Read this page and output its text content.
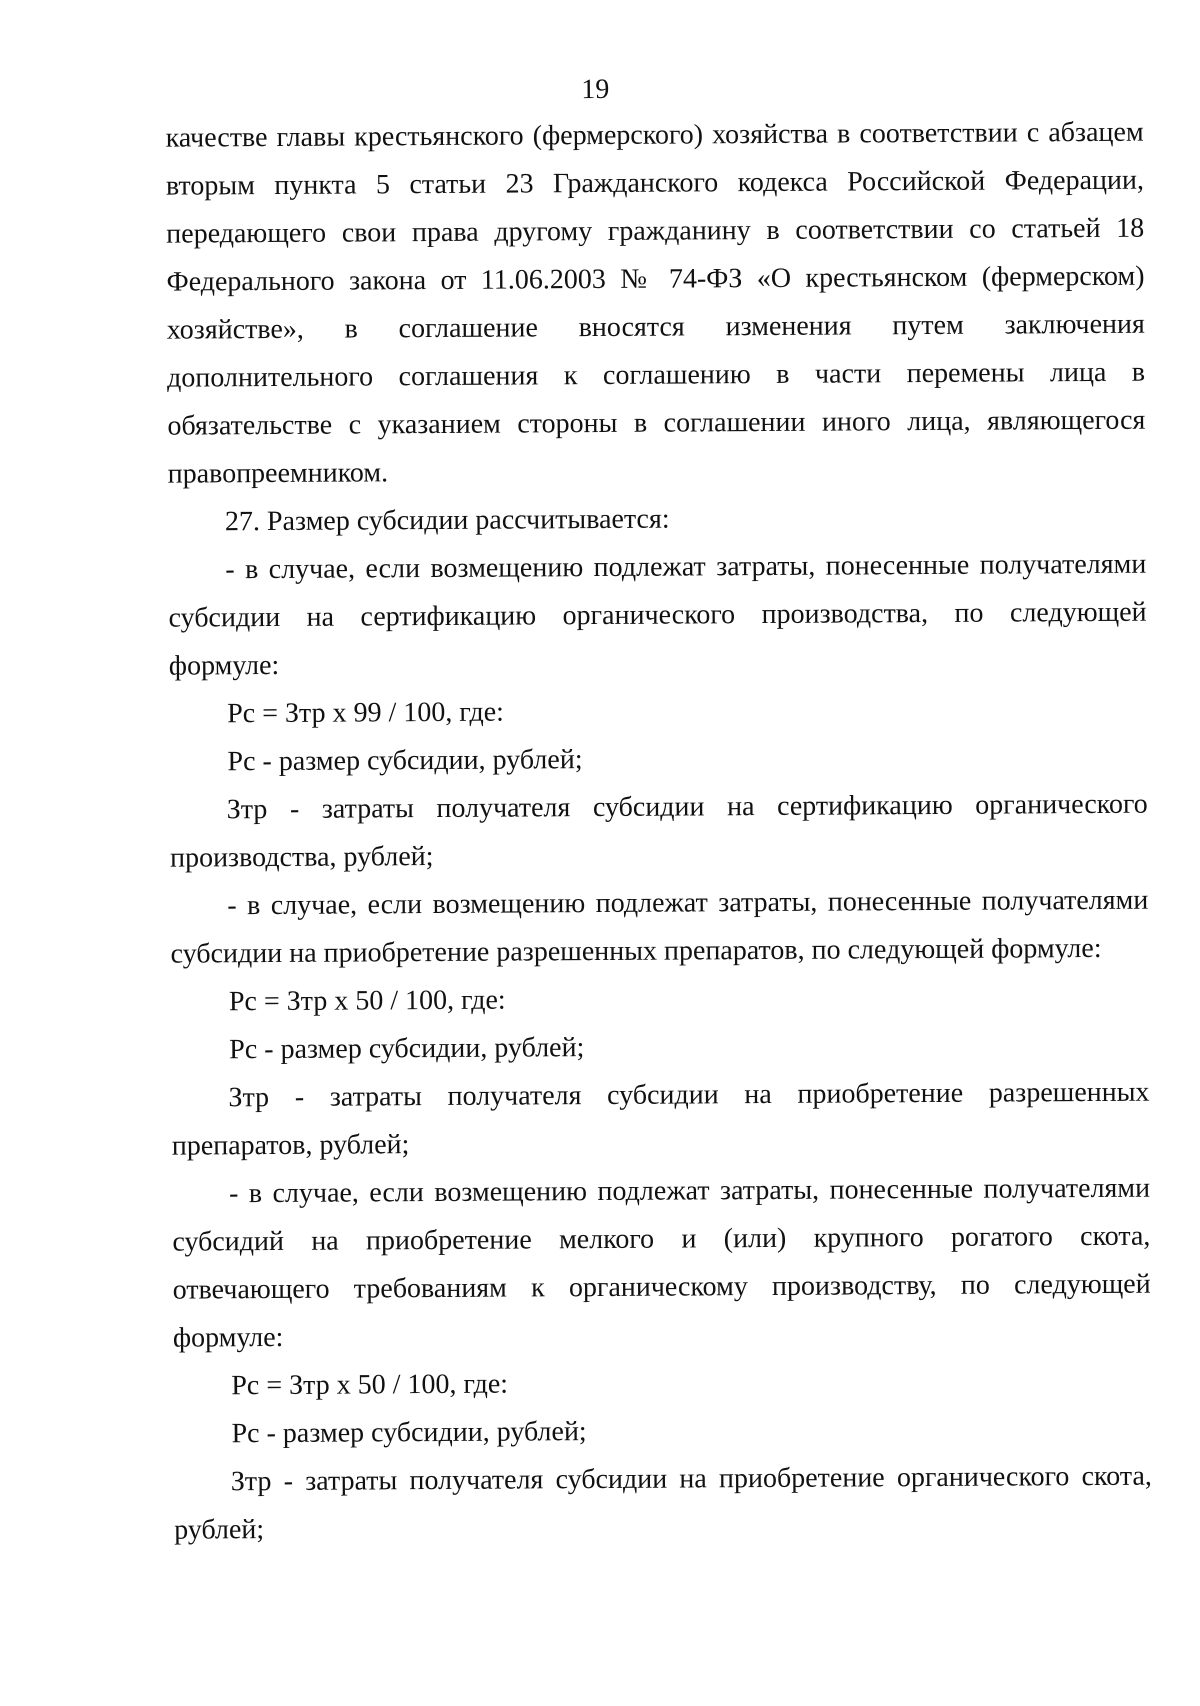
19

качестве главы крестьянского (фермерского) хозяйства в соответствии с абзацем вторым пункта 5 статьи 23 Гражданского кодекса Российской Федерации, передающего свои права другому гражданину в соответствии со статьей 18 Федерального закона от 11.06.2003 № 74-ФЗ «О крестьянском (фермерском) хозяйстве», в соглашение вносятся изменения путем заключения дополнительного соглашения к соглашению в части перемены лица в обязательстве с указанием стороны в соглашении иного лица, являющегося правопреемником.

27. Размер субсидии рассчитывается:

- в случае, если возмещению подлежат затраты, понесенные получателями субсидии на сертификацию органического производства, по следующей формуле:

Рс = Зтр х 99 / 100, где:

Рс - размер субсидии, рублей;

Зтр - затраты получателя субсидии на сертификацию органического производства, рублей;

- в случае, если возмещению подлежат затраты, понесенные получателями субсидии на приобретение разрешенных препаратов, по следующей формуле:

Рс = Зтр х 50 / 100, где:

Рс - размер субсидии, рублей;

Зтр - затраты получателя субсидии на приобретение разрешенных препаратов, рублей;

- в случае, если возмещению подлежат затраты, понесенные получателями субсидий на приобретение мелкого и (или) крупного рогатого скота, отвечающего требованиям к органическому производству, по следующей формуле:

Рс = Зтр х 50 / 100, где:

Рс - размер субсидии, рублей;

Зтр - затраты получателя субсидии на приобретение органического скота, рублей;
